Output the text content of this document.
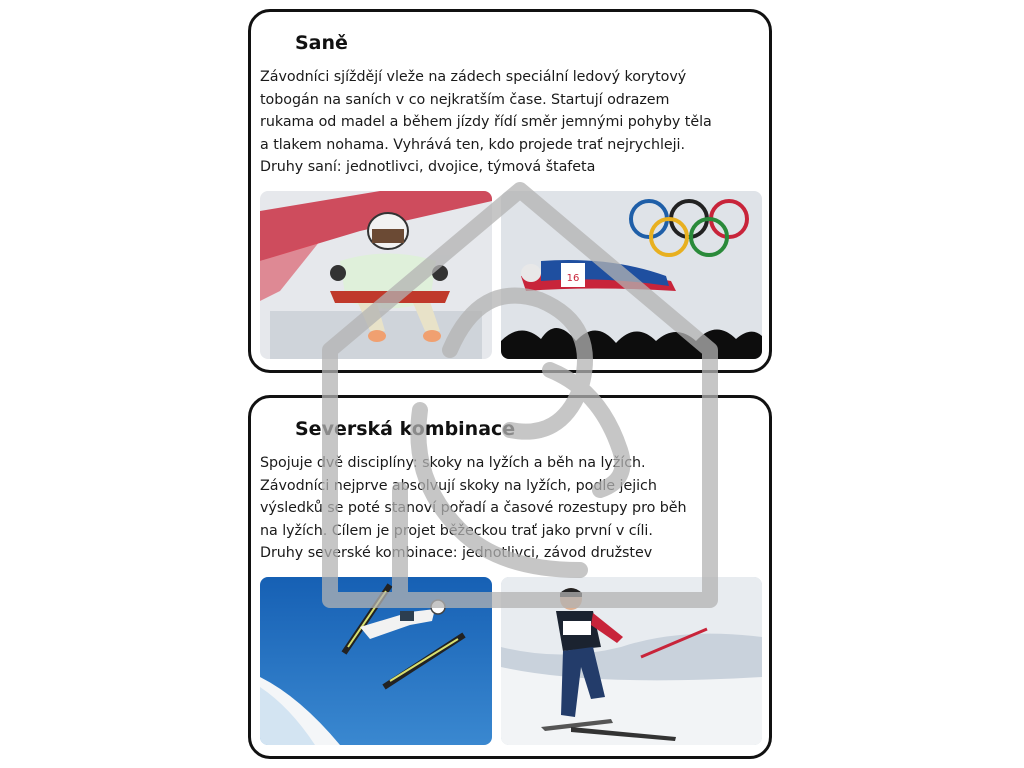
Saně

Závodníci sjíždějí vleže na zádech speciální ledový korytový
tobogán na saních v co nejkratším čase. Startují odrazem
rukama od madel a během jízdy řídí směr jemnými pohyby těla
a tlakem nohama. Vyhrává ten, kdo projede trať nejrychleji.
Druhy saní: jednotlivci, dvojice, týmová štafeta

16
Severská kombinace

Spojuje dvě disciplíny: skoky na lyžích a běh na lyžích.
Závodníci nejprve absolvují skoky na lyžích, podle jejich
výsledků se poté stanoví pořadí a časové rozestupy pro běh
na lyžích. Cílem je projet běžeckou trať jako první v cíli.
Druhy severské kombinace: jednotlivci, závod družstev
